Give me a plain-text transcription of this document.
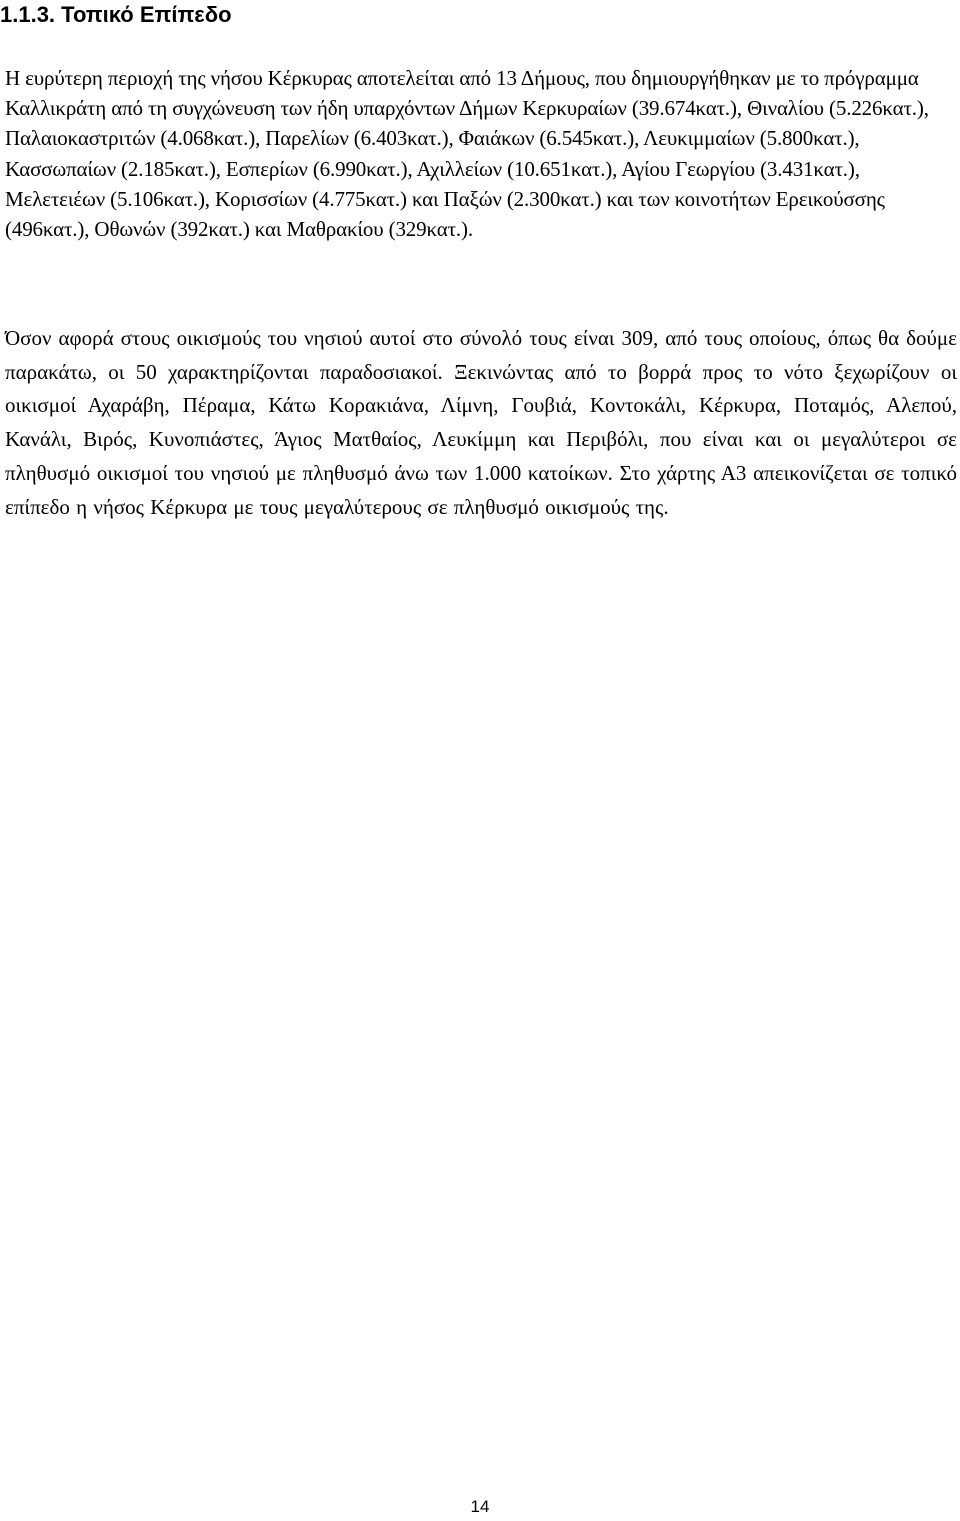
1.1.3. Τοπικό Επίπεδο

Η ευρύτερη περιοχή της νήσου Κέρκυρας αποτελείται από 13 Δήμους, που δημιουργήθηκαν με το πρόγραμμα Καλλικράτη από τη συγχώνευση των ήδη υπαρχόντων Δήμων Κερκυραίων (39.674κατ.), Θιναλίου (5.226κατ.), Παλαιοκαστριτών (4.068κατ.), Παρελίων (6.403κατ.), Φαιάκων (6.545κατ.), Λευκιμμαίων (5.800κατ.), Κασσωπαίων (2.185κατ.), Εσπερίων (6.990κατ.), Αχιλλείων (10.651κατ.), Αγίου Γεωργίου (3.431κατ.), Μελετειέων (5.106κατ.), Κορισσίων (4.775κατ.) και Παξών (2.300κατ.) και των κοινοτήτων Ερεικούσσης (496κατ.), Οθωνών (392κατ.) και Μαθρακίου (329κατ.).

Όσον αφορά στους οικισμούς του νησιού αυτοί στο σύνολό τους είναι 309, από τους οποίους, όπως θα δούμε παρακάτω, οι 50 χαρακτηρίζονται παραδοσιακοί. Ξεκινώντας από το βορρά προς το νότο ξεχωρίζουν οι οικισμοί Αχαράβη, Πέραμα, Κάτω Κορακιάνα, Λίμνη, Γουβιά, Κοντοκάλι, Κέρκυρα, Ποταμός, Αλεπού, Κανάλι, Βιρός, Κυνοπιάστες, Άγιος Ματθαίος, Λευκίμμη και Περιβόλι, που είναι και οι μεγαλύτεροι σε πληθυσμό οικισμοί του νησιού με πληθυσμό άνω των 1.000 κατοίκων. Στο χάρτης Α3 απεικονίζεται σε τοπικό επίπεδο η νήσος Κέρκυρα με τους μεγαλύτερους σε πληθυσμό οικισμούς της.

14
